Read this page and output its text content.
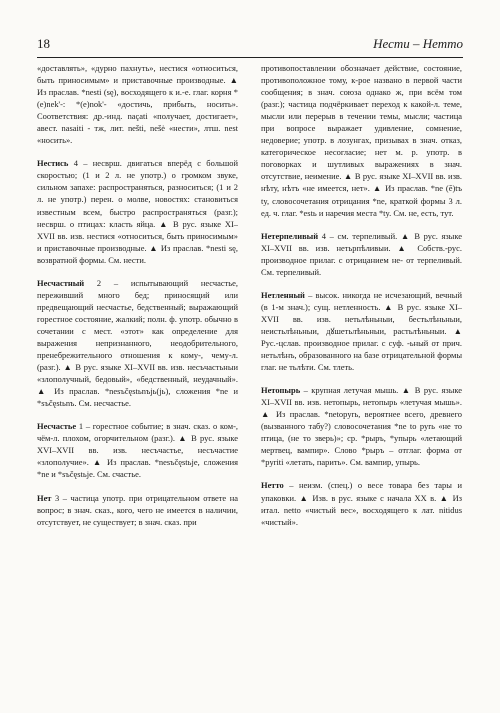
18	Нести – Нетто

«доставлять», «дурно пахнуть», нестися «относиться, быть приносимым» и приставочные производные. ▲ Из праслав. *nesti (sę), восходящего к и.-е. глаг. корня *(e)nek'-: *(e)nok'- «достичь, прибыть, носить». Соответствия: др.-инд. naçati «получает, достигает», авест. nasaiti - тж, лит. nešti, nešė «нести», лтш. nest «носить».

Нестись 4 – несврш. двигаться вперёд с большой скоростью; (1 и 2 л. не употр.) о громком звуке, сильном запахе: распространяться, разноситься; (1 и 2 л. не употр.) перен. о молве, новостях: становиться известным всем, быстро распространяться (разг.); несврш. о птицах: класть яйца. ▲ В рус. языке XI–XVII вв. изв. нестися «относиться, быть приносимым» и приставочные производные. ▲ Из праслав. *nesti sę, возвратной формы. См. нести.

Несчастный 2 – испытывающий несчастье, переживший много бед; приносящий или предвещающий несчастье, бедственный; выражающий горестное состояние, жалкий; полн. ф. употр. обычно в сочетании с мест. «этот» как определение для выражения непризнанного, неодобрительного, пренебрежительного отношения к кому-, чему-л. (разг.). ▲ В рус. языке XI–XVII вв. изв. несъчастьныи «злополучный, бедовый», «бедственный, неудачный». ▲ Из праслав. *nesъčęstьnъjь(jь), сложения *ne и *sъčęstьnъ. См. несчастье.

Несчастье 1 – горестное событие; в знач. сказ. о ком-, чём-л. плохом, огорчительном (разг.). ▲ В рус. языке XVI–XVII вв. изв. несъчастье, несъчастие «злополучие». ▲ Из праслав. *nesъčęstьje, сложения *ne и *sъčęstьje. См. счастье.

Нет 3 – частица употр. при отрицательном ответе на вопрос; в знач. сказ., кого, чего не имеется в наличии, отсутствует, не существует; в знач. сказ. при

противопоставлении обозначает действие, состояние, противоположное тому, к-рое названо в первой части сообщения; в знач. союза однако ж, при всём том (разг.); частица подчёркивает переход к какой-л. теме, мысли или перерыв в течении темы, мысли; частица при вопросе выражает удивление, сомнение, недоверие; употр. в лозунгах, призывах в знач. отказ, категорическое несогласие; нет м. р. употр. в поговорках и шутливых выражениях в знач. отсутствие, неимение. ▲ В рус. языке XI–XVII вв. изв. нѣту, нѣтъ «не имеется, нет». ▲ Из праслав. *ne (ĕ)tъ ty, словосочетания отрицания *ne, краткой формы 3 л. ед. ч. глаг. *estь и наречия места *ty. См. не, есть, тут.

Нетерпеливый 4 – см. терпеливый. ▲ В рус. языке XI–XVII вв. изв. нетьрпѣливыи. ▲ Собств.-рус. производное прилаг. с отрицанием не- от терпеливый. См. терпеливый.

Нетленный – высок. никогда не исчезающий, вечный (в 1-м знач.); сущ. нетленность. ▲ В рус. языке XI–XVII вв. изв. нетьлѣньныи, бестьлѣньныи, неистьлѣньныи, дꙋшетьлѣньныи, растьлѣньныи. ▲ Рус.-цслав. производное прилаг. с суф. -ьный от прич. нетьлѣнъ, образованного на базе отрицательной формы глаг. не тьлѣти. См. тлеть.

Нетопырь – крупная летучая мышь. ▲ В рус. языке XI–XVII вв. изв. нетопырь, нетопырь «летучая мышь». ▲ Из праслав. *netopyrь, вероятнее всего, древнего (вызванного табу?) словосочетания *ne to pyrь «не то птица, (не то зверь)»; ср. *рыръ, *упырь «летающий мертвец, вампир». Слово *рыръ – отглаг. форма от *pyriti «летать, парить». См. вампир, упырь.

Нетто – неизм. (спец.) о весе товара без тары и упаковки. ▲ Изв. в рус. языке с начала XX в. ▲ Из итал. netto «чистый вес», восходящего к лат. nitidus «чистый».
